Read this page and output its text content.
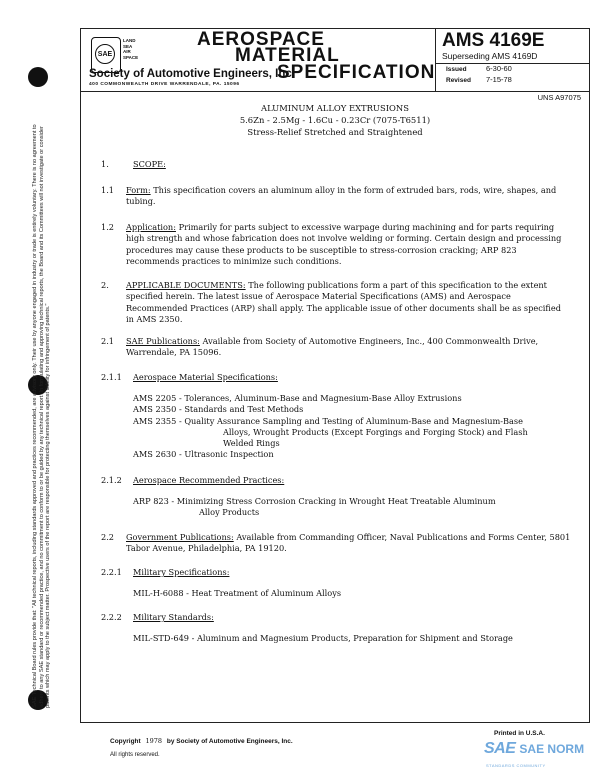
SAE Technical Board rules provide that: "All technical reports, including standards approved and practices recommended, are advisory only. Their use by anyone engaged in industry or trade is entirely voluntary. There is no agreement to adhere to any SAE standard or recommended practice, and no commitment to conform to or be guided by any technical report. In formulating and approving technical reports, the Board and its Committees will not investigate or consider patents which may apply to the subject matter. Prospective users of the report are responsible for protecting themselves against liability for infringement of patents."
SAE
LAND
SEA
AIR
SPACE
AEROSPACE
MATERIAL
SPECIFICATION
Society of Automotive Engineers, Inc.
400 COMMONWEALTH DRIVE WARRENDALE, PA. 15096
AMS 4169E
Superseding AMS 4169D
Issued	6-30-60
Revised 7-15-78
UNS A97075
ALUMINUM ALLOY EXTRUSIONS
5.6Zn - 2.5Mg - 1.6Cu - 0.23Cr (7075-T6511)
Stress-Relief Stretched and Straightened
1.	SCOPE:
1.1 Form: This specification covers an aluminum alloy in the form of extruded bars, rods, wire, shapes, and tubing.
1.2 Application: Primarily for parts subject to excessive warpage during machining and for parts requiring high strength and whose fabrication does not involve welding or forming. Certain design and processing procedures may cause these products to be susceptible to stress-corrosion cracking; ARP 823 recommends practices to minimize such conditions.
2. APPLICABLE DOCUMENTS: The following publications form a part of this specification to the extent specified herein. The latest issue of Aerospace Material Specifications (AMS) and Aerospace Recommended Practices (ARP) shall apply. The applicable issue of other documents shall be as specified in AMS 2350.
2.1 SAE Publications: Available from Society of Automotive Engineers, Inc., 400 Commonwealth Drive, Warrendale, PA 15096.
2.1.1 Aerospace Material Specifications:
AMS 2205 - Tolerances, Aluminum-Base and Magnesium-Base Alloy Extrusions
AMS 2350 - Standards and Test Methods
AMS 2355 - Quality Assurance Sampling and Testing of Aluminum-Base and Magnesium-Base
Alloys, Wrought Products (Except Forgings and Forging Stock) and Flash
Welded Rings
AMS 2630 - Ultrasonic Inspection
2.1.2 Aerospace Recommended Practices:
ARP 823 - Minimizing Stress Corrosion Cracking in Wrought Heat Treatable Aluminum
Alloy Products
2.2 Government Publications: Available from Commanding Officer, Naval Publications and Forms Center, 5801 Tabor Avenue, Philadelphia, PA 19120.
2.2.1 Military Specifications:
MIL-H-6088 - Heat Treatment of Aluminum Alloys
2.2.2 Military Standards:
MIL-STD-649 - Aluminum and Magnesium Products, Preparation for Shipment and Storage
Copyright 1978 by Society of Automotive Engineers, Inc.
All rights reserved.
Printed in U.S.A.
SAE SAE NORM
STANDARDS COMMUNITY
